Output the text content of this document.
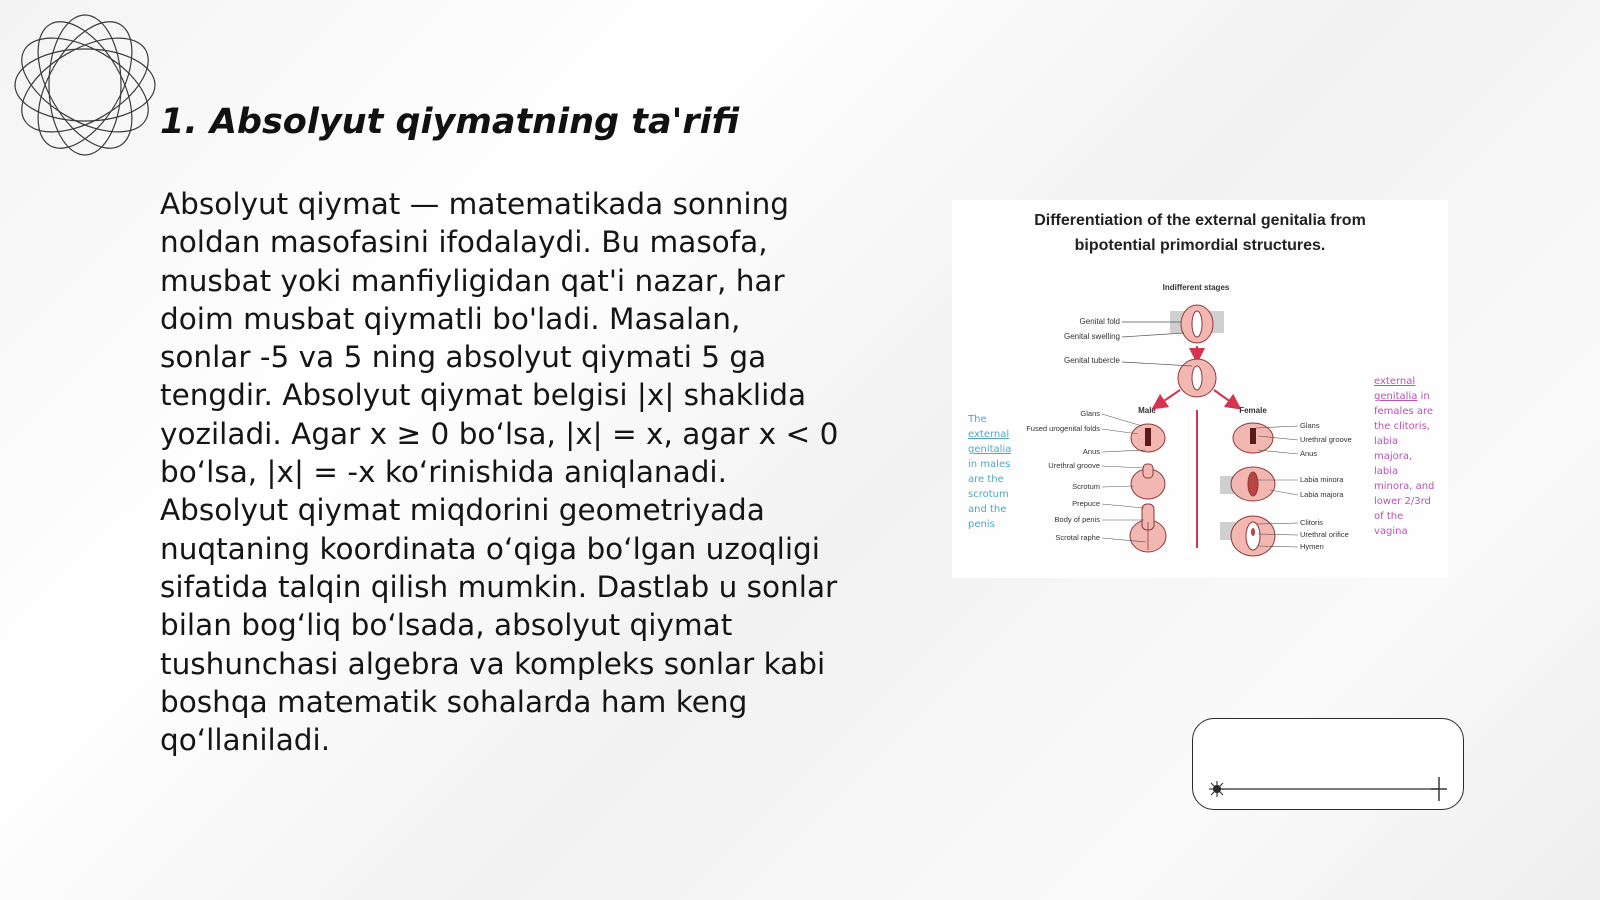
1. Absolyut qiymatning ta'rifi

Absolyut qiymat — matematikada sonning noldan masofasini ifodalaydi. Bu masofa, musbat yoki manfiyligidan qat'i nazar, har doim musbat qiymatli bo'ladi. Masalan, sonlar -5 va 5 ning absolyut qiymati 5 ga tengdir. Absolyut qiymat belgisi |x| shaklida yoziladi. Agar x ≥ 0 bo‘lsa, |x| = x, agar x < 0 bo‘lsa, |x| = -x ko‘rinishida aniqlanadi. Absolyut qiymat miqdorini geometriyada nuqtaning koordinata o‘qiga bo‘lgan uzoqligi sifatida talqin qilish mumkin. Dastlab u sonlar bilan bog‘liq bo‘lsada, absolyut qiymat tushunchasi algebra va kompleks sonlar kabi boshqa matematik sohalarda ham keng qo‘llaniladi.

Differentiation of the external genitalia from
bipotential primordial structures.
Indifferent stages
Genital fold
Genital swelling
Genital tubercle
Male	Female
Glans
Fused urogenital folds
Anus
Urethral groove
Scrotum
Prepuce
Body of penis
Scrotal raphe
Glans
Urethral groove
Anus
Labia minora
Labia majora
Clitoris
Urethral orifice
Hymen
The external genitalia in males are the scrotum and the penis
external genitalia in females are the clitoris, labia majora, labia minora, and lower 2/3rd of the vagina
